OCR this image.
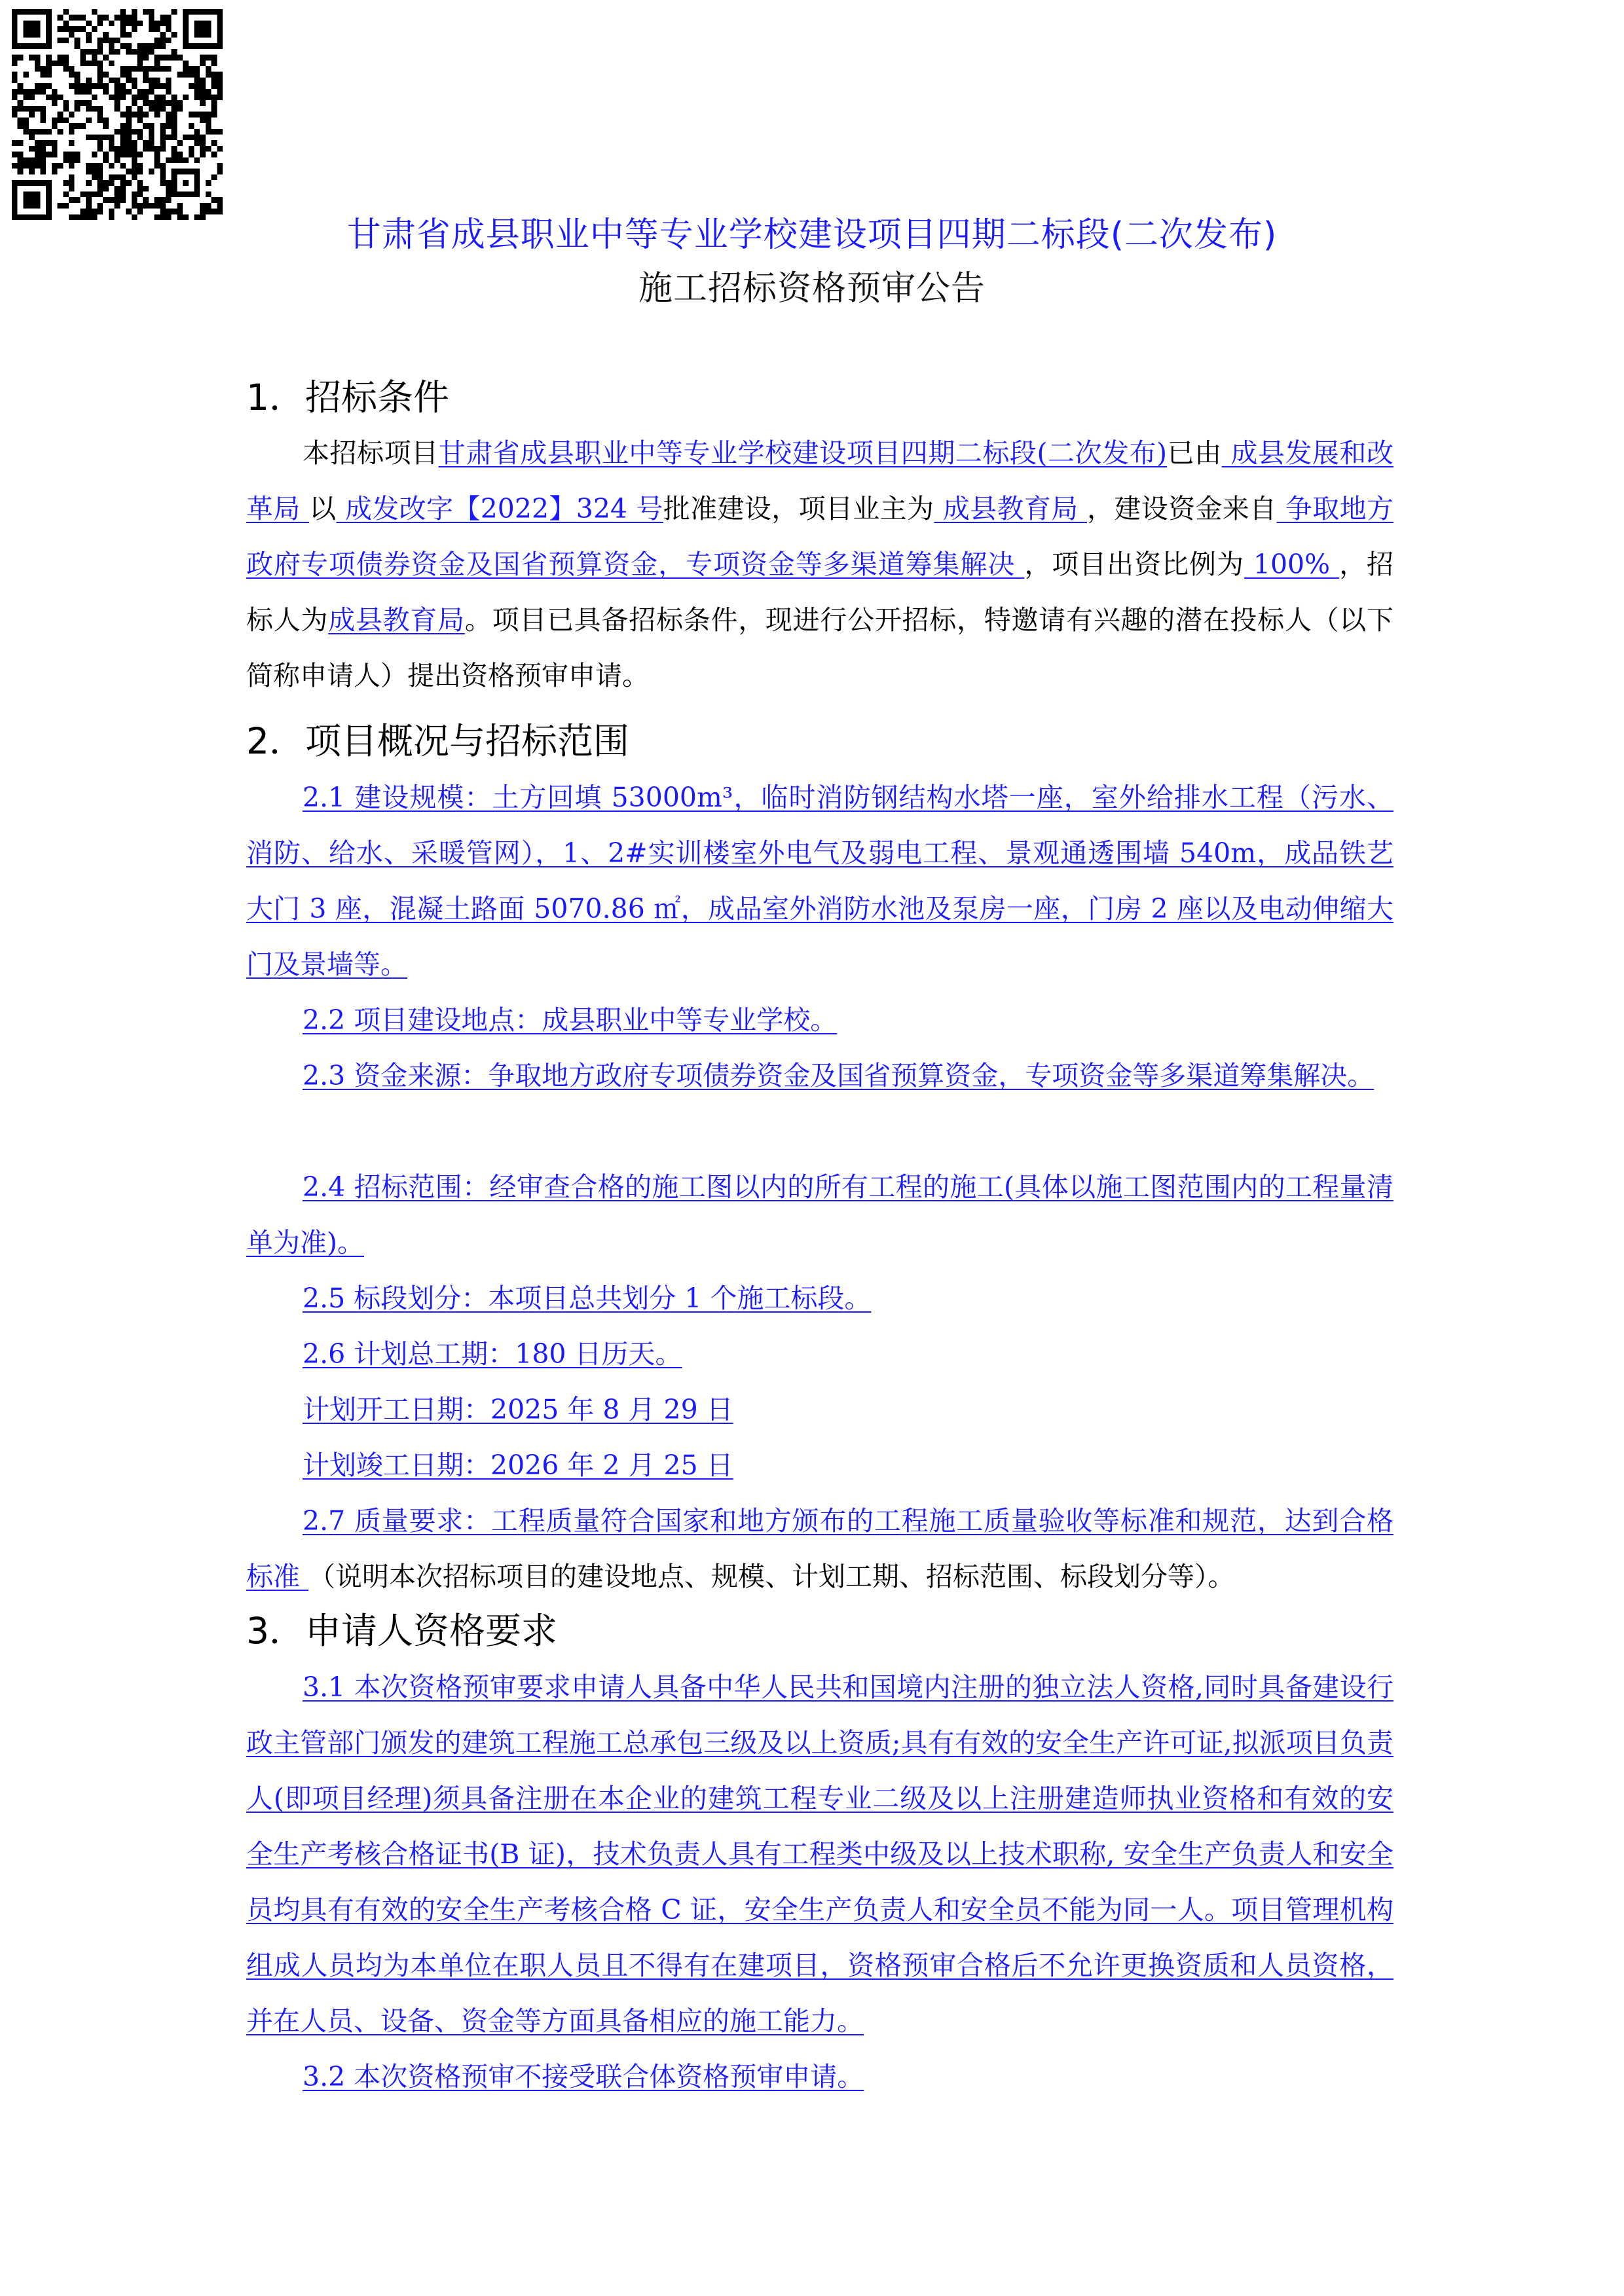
甘肃省成县职业中等专业学校建设项目四期二标段(二次发布)
施工招标资格预审公告
1．招标条件
本招标项目甘肃省成县职业中等专业学校建设项目四期二标段(二次发布)已由 成县发展和改革局 以 成发改字【2022】324 号批准建设，项目业主为 成县教育局 ，建设资金来自 争取地方政府专项债券资金及国省预算资金，专项资金等多渠道筹集解决 ，项目出资比例为 100% ，招标人为成县教育局。项目已具备招标条件，现进行公开招标，特邀请有兴趣的潜在投标人（以下简称申请人）提出资格预审申请。
2．项目概况与招标范围
2.1 建设规模：土方回填 53000m³，临时消防钢结构水塔一座，室外给排水工程（污水、消防、给水、采暖管网），1、2#实训楼室外电气及弱电工程、景观通透围墙 540m，成品铁艺大门 3 座，混凝土路面 5070.86 ㎡，成品室外消防水池及泵房一座，门房 2 座以及电动伸缩大门及景墙等。
2.2 项目建设地点：成县职业中等专业学校。
2.3 资金来源：争取地方政府专项债券资金及国省预算资金，专项资金等多渠道筹集解决。
2.4 招标范围：经审查合格的施工图以内的所有工程的施工(具体以施工图范围内的工程量清单为准)。
2.5 标段划分：本项目总共划分 1 个施工标段。
2.6 计划总工期：180 日历天。
计划开工日期：2025 年 8 月 29 日
计划竣工日期：2026 年 2 月 25 日
2.7 质量要求：工程质量符合国家和地方颁布的工程施工质量验收等标准和规范，达到合格标准 （说明本次招标项目的建设地点、规模、计划工期、招标范围、标段划分等）。
3．申请人资格要求
3.1 本次资格预审要求申请人具备中华人民共和国境内注册的独立法人资格,同时具备建设行政主管部门颁发的建筑工程施工总承包三级及以上资质;具有有效的安全生产许可证,拟派项目负责人(即项目经理)须具备注册在本企业的建筑工程专业二级及以上注册建造师执业资格和有效的安全生产考核合格证书(B 证)，技术负责人具有工程类中级及以上技术职称, 安全生产负责人和安全员均具有有效的安全生产考核合格 C 证，安全生产负责人和安全员不能为同一人。项目管理机构组成人员均为本单位在职人员且不得有在建项目，资格预审合格后不允许更换资质和人员资格，并在人员、设备、资金等方面具备相应的施工能力。
3.2 本次资格预审不接受联合体资格预审申请。
